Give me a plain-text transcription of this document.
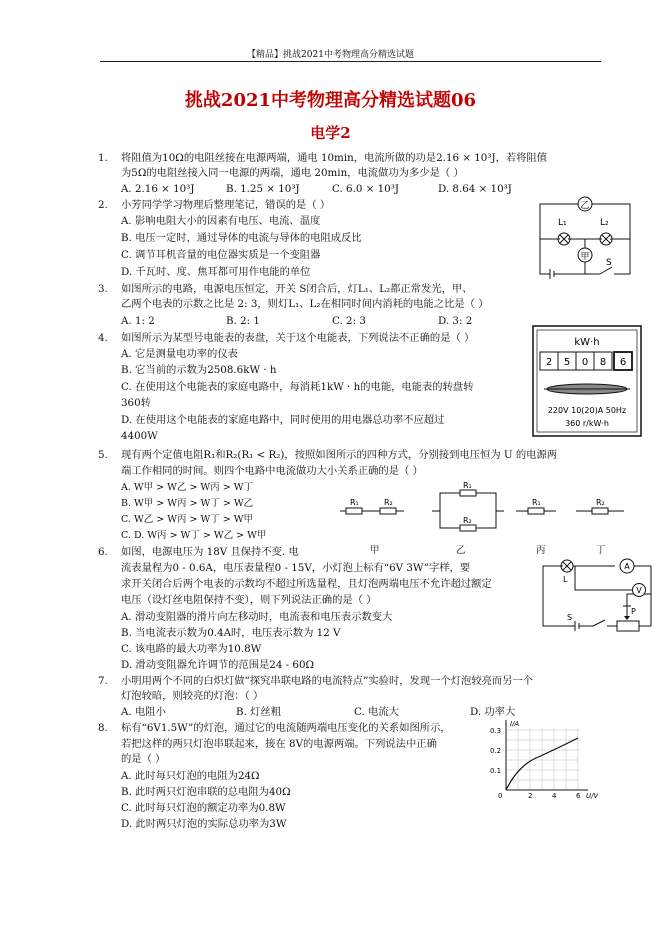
【精品】挑战2021中考物理高分精选试题
挑战2021中考物理高分精选试题06
电学2
1. 将阻值为10Ω的电阻丝接在电源两端，通电 10min，电流所做的功是2.16 × 10³J，若将阻值
为5Ω的电阻丝接入同一电源的两端，通电 20min，电流做功为多少是（ ）
A. 2.16 × 10³J	B. 1.25 × 10³J	C. 6.0 × 10³J	D. 8.64 × 10³J
2. 小芳同学学习物理后整理笔记，错误的是（ ）
A. 影响电阻大小的因素有电压、电流、温度
B. 电压一定时，通过导体的电流与导体的电阻成反比
C. 调节耳机音量的电位器实质是一个变阻器
D. 千瓦时、度、焦耳都可用作电能的单位
3. 如图所示的电路，电源电压恒定，开关 S闭合后，灯L₁、L₂都正常发光，甲、
乙两个电表的示数之比是 2: 3，则灯L₁、L₂在相同时间内消耗的电能之比是（ ）
A. 1: 2	B. 2: 1	C. 2: 3	D. 3: 2
4. 如图所示为某型号电能表的表盘，关于这个电能表，下列说法不正确的是（ ）
A. 它是测量电功率的仪表
B. 它当前的示数为2508.6kW · h
C. 在使用这个电能表的家庭电路中，每消耗1kW · h的电能，电能表的转盘转
360转
D. 在使用这个电能表的家庭电路中，同时使用的用电器总功率不应超过
4400W
5. 现有两个定值电阻R₁和R₂(R₁ < R₂)，按照如图所示的四种方式，分别接到电压恒为 U 的电源两
端工作相同的时间。则四个电路中电流做功大小关系正确的是（ ）
A. W甲 > W乙 > W丙 > W丁
B. W甲 > W丙 > W丁 > W乙
C. W乙 > W丙 > W丁 > W甲
C. D. W丙 > W丁 > W乙 > W甲
6. 如图，电源电压为 18V 且保持不变. 电
流表量程为0 - 0.6A，电压表量程0 - 15V，小灯泡上标有“6V 3W”字样，要
求开关闭合后两个电表的示数均不超过所选量程，且灯泡两端电压不允许超过额定
电压（设灯丝电阻保持不变），则下列说法正确的是（ ）
A. 滑动变阻器的滑片向左移动时，电流表和电压表示数变大
B. 当电流表示数为0.4A时，电压表示数为 12 V
C. 该电路的最大功率为10.8W
D. 滑动变阻器允许调节的范围是24 - 60Ω
7. 小明用两个不同的白炽灯做“探究串联电路的电流特点”实验时，发现一个灯泡较亮而另一个
灯泡较暗，则较亮的灯泡：（ ）
A. 电阻小	B. 灯丝粗	C. 电流大	D. 功率大
8. 标有“6V1.5W”的灯泡，通过它的电流随两端电压变化的关系如图所示，
若把这样的两只灯泡串联起来，接在 8V的电源两端。下列说法中正确
的是（ ）
A. 此时每只灯泡的电阻为24Ω
B. 此时两只灯泡串联的总电阻为40Ω
C. 此时每只灯泡的额定功率为0.8W
D. 此时两只灯泡的实际总功率为3W
乙
甲
L₁	L₂
S
kW·h
2 5 0 8 6
220V 10(20)A 50Hz
360 r/kW·h
R₁	R₂
R₁
R₂
R₁	R₂
甲	乙	丙	丁
A
V
L
P
S
I/A
U/V
0.3
0.2
0.1
0	2	4	6
